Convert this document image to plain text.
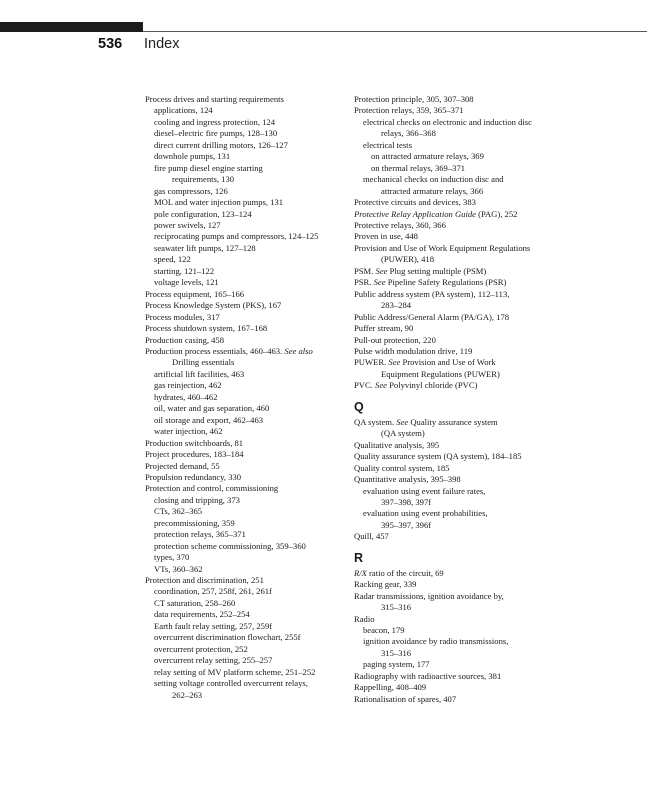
536 Index
Process drives and starting requirements
applications, 124
cooling and ingress protection, 124
diesel–electric fire pumps, 128–130
direct current drilling motors, 126–127
downhole pumps, 131
fire pump diesel engine starting
requirements, 130
gas compressors, 126
MOL and water injection pumps, 131
pole configuration, 123–124
power swivels, 127
reciprocating pumps and compressors, 124–125
seawater lift pumps, 127–128
speed, 122
starting, 121–122
voltage levels, 121
Process equipment, 165–166
Process Knowledge System (PKS), 167
Process modules, 317
Process shutdown system, 167–168
Production casing, 458
Production process essentials, 460–463. See also
Drilling essentials
artificial lift facilities, 463
gas reinjection, 462
hydrates, 460–462
oil, water and gas separation, 460
oil storage and export, 462–463
water injection, 462
Production switchboards, 81
Project procedures, 183–184
Projected demand, 55
Propulsion redundancy, 330
Protection and control, commissioning
closing and tripping, 373
CTs, 362–365
precommissioning, 359
protection relays, 365–371
protection scheme commissioning, 359–360
types, 370
VTs, 360–362
Protection and discrimination, 251
coordination, 257, 258f, 261, 261f
CT saturation, 258–260
data requirements, 252–254
Earth fault relay setting, 257, 259f
overcurrent discrimination flowchart, 255f
overcurrent protection, 252
overcurrent relay setting, 255–257
relay setting of MV platform scheme, 251–252
setting voltage controlled overcurrent relays,
262–263
Protection principle, 305, 307–308
Protection relays, 359, 365–371
electrical checks on electronic and induction disc
relays, 366–368
electrical tests
on attracted armature relays, 369
on thermal relays, 369–371
mechanical checks on induction disc and
attracted armature relays, 366
Protective circuits and devices, 383
Protective Relay Application Guide (PAG), 252
Protective relays, 360, 366
Proven in use, 448
Provision and Use of Work Equipment Regulations
(PUWER), 418
PSM. See Plug setting multiple (PSM)
PSR. See Pipeline Safety Regulations (PSR)
Public address system (PA system), 112–113,
283–284
Public Address/General Alarm (PA/GA), 178
Puffer stream, 90
Pull-out protection, 220
Pulse width modulation drive, 119
PUWER. See Provision and Use of Work
Equipment Regulations (PUWER)
PVC. See Polyvinyl chloride (PVC)
Q
QA system. See Quality assurance system
(QA system)
Qualitative analysis, 395
Quality assurance system (QA system), 184–185
Quality control system, 185
Quantitative analysis, 395–398
evaluation using event failure rates,
397–398, 397f
evaluation using event probabilities,
395–397, 396f
Quill, 457
R
R/X ratio of the circuit, 69
Racking gear, 339
Radar transmissions, ignition avoidance by,
315–316
Radio
beacon, 179
ignition avoidance by radio transmissions,
315–316
paging system, 177
Radiography with radioactive sources, 381
Rappelling, 408–409
Rationalisation of spares, 407
